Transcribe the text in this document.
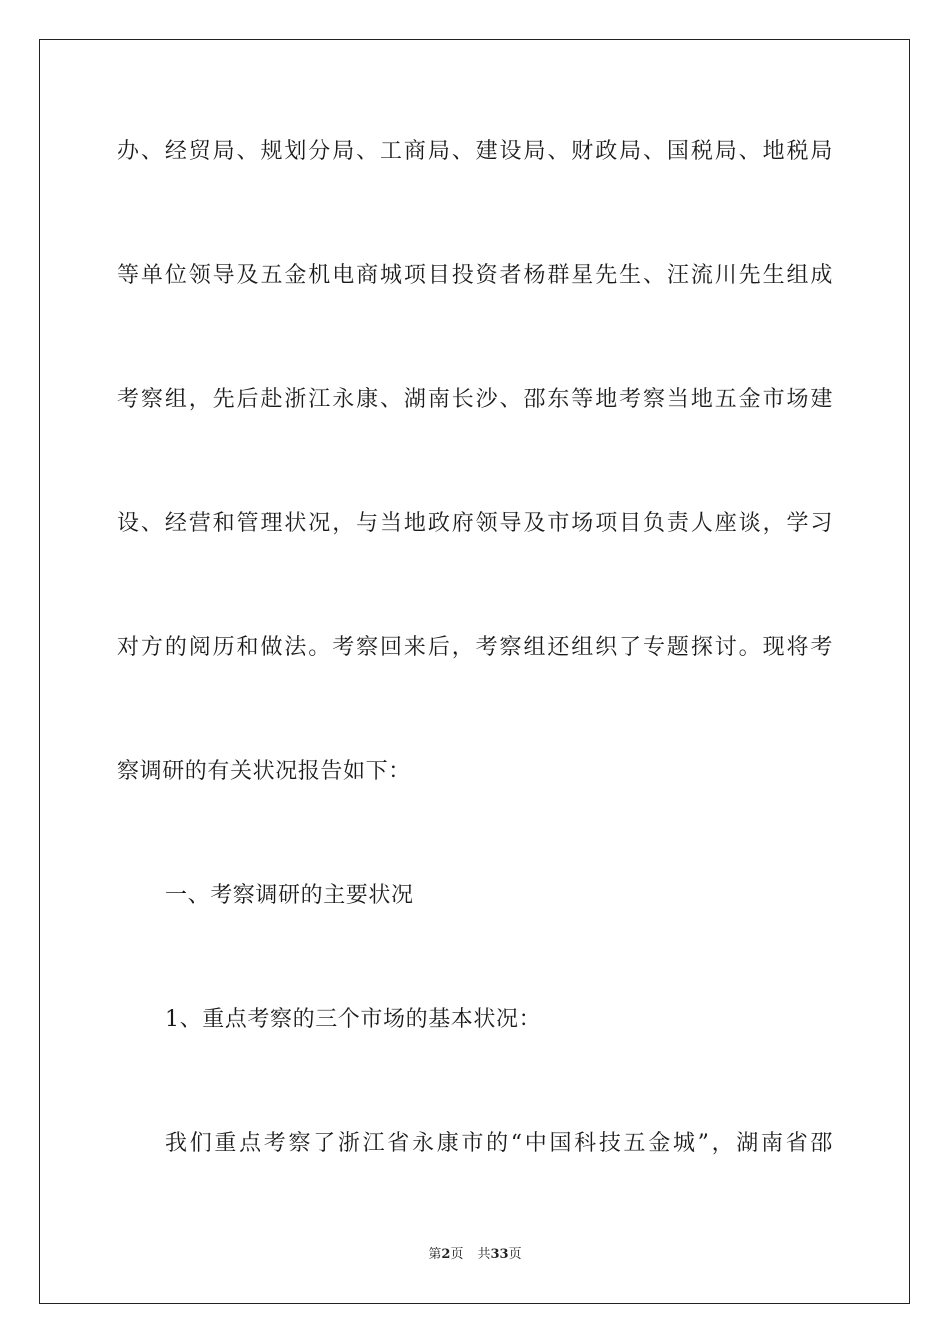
办、经贸局、规划分局、工商局、建设局、财政局、国税局、地税局
等单位领导及五金机电商城项目投资者杨群星先生、汪流川先生组成
考察组，先后赴浙江永康、湖南长沙、邵东等地考察当地五金市场建
设、经营和管理状况，与当地政府领导及市场项目负责人座谈，学习
对方的阅历和做法。考察回来后，考察组还组织了专题探讨。现将考
察调研的有关状况报告如下：
一、考察调研的主要状况
1、重点考察的三个市场的基本状况：
我们重点考察了浙江省永康市的“中国科技五金城”，湖南省邵
第2页 共33页
